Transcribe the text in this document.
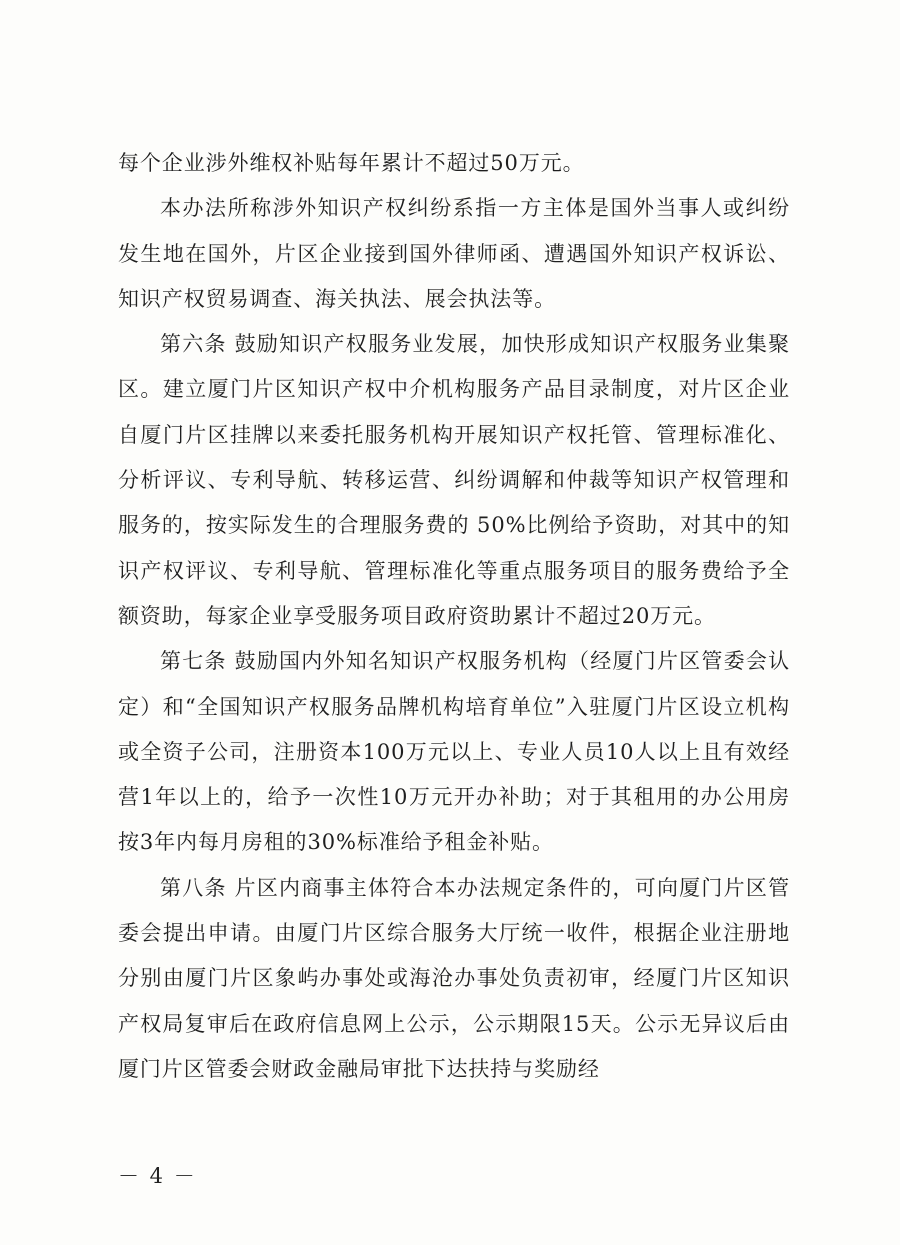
每个企业涉外维权补贴每年累计不超过50万元。

本办法所称涉外知识产权纠纷系指一方主体是国外当事人或纠纷发生地在国外，片区企业接到国外律师函、遭遇国外知识产权诉讼、知识产权贸易调查、海关执法、展会执法等。

第六条 鼓励知识产权服务业发展，加快形成知识产权服务业集聚区。建立厦门片区知识产权中介机构服务产品目录制度，对片区企业自厦门片区挂牌以来委托服务机构开展知识产权托管、管理标准化、分析评议、专利导航、转移运营、纠纷调解和仲裁等知识产权管理和服务的，按实际发生的合理服务费的 50%比例给予资助，对其中的知识产权评议、专利导航、管理标准化等重点服务项目的服务费给予全额资助，每家企业享受服务项目政府资助累计不超过20万元。

第七条 鼓励国内外知名知识产权服务机构（经厦门片区管委会认定）和“全国知识产权服务品牌机构培育单位”入驻厦门片区设立机构或全资子公司，注册资本100万元以上、专业人员10人以上且有效经营1年以上的，给予一次性10万元开办补助；对于其租用的办公用房按3年内每月房租的30%标准给予租金补贴。

第八条 片区内商事主体符合本办法规定条件的，可向厦门片区管委会提出申请。由厦门片区综合服务大厅统一收件，根据企业注册地分别由厦门片区象屿办事处或海沧办事处负责初审，经厦门片区知识产权局复审后在政府信息网上公示，公示期限15天。公示无异议后由厦门片区管委会财政金融局审批下达扶持与奖励经

－ 4 －
